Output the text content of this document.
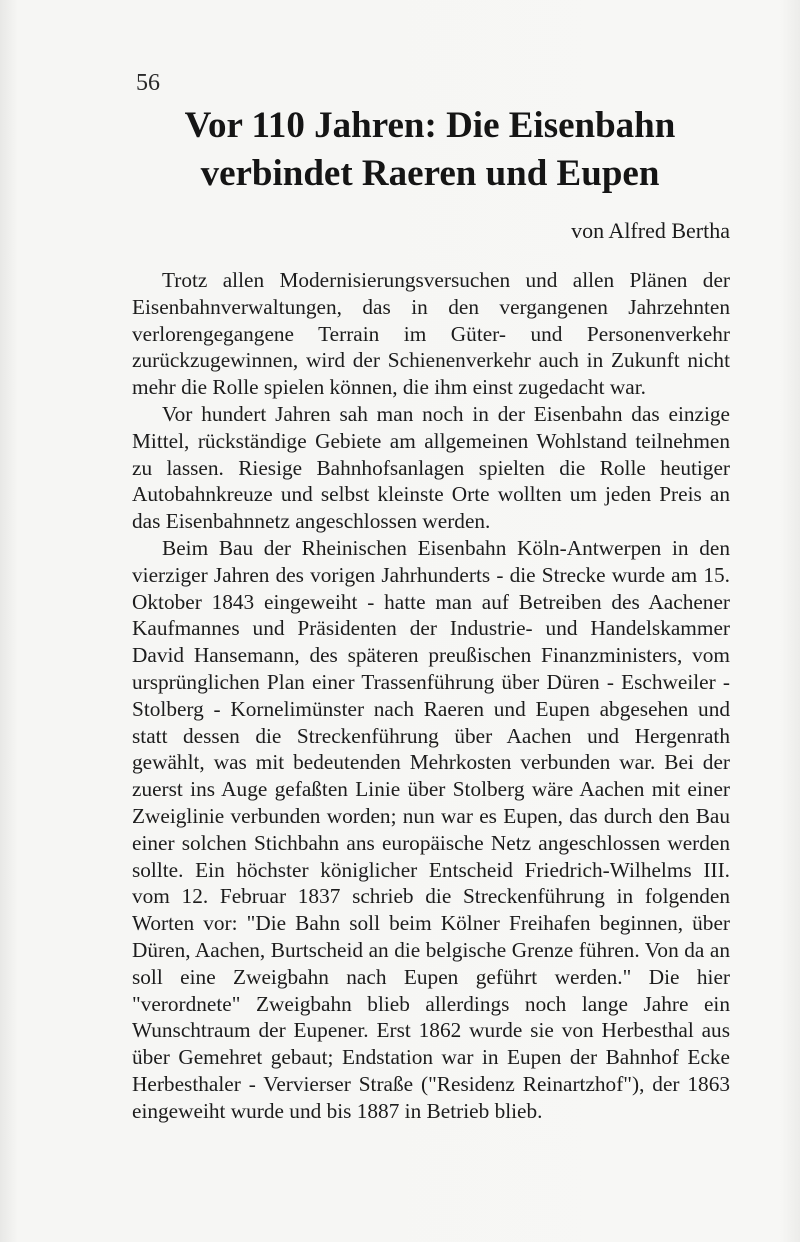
56
Vor 110 Jahren: Die Eisenbahn verbindet Raeren und Eupen
von Alfred Bertha

Trotz allen Modernisierungsversuchen und allen Plänen der Eisenbahnverwaltungen, das in den vergangenen Jahrzehnten verlorengegangene Terrain im Güter- und Personenverkehr zurückzugewinnen, wird der Schienenverkehr auch in Zukunft nicht mehr die Rolle spielen können, die ihm einst zugedacht war.

Vor hundert Jahren sah man noch in der Eisenbahn das einzige Mittel, rückständige Gebiete am allgemeinen Wohlstand teilnehmen zu lassen. Riesige Bahnhofsanlagen spielten die Rolle heutiger Autobahnkreuze und selbst kleinste Orte wollten um jeden Preis an das Eisenbahnnetz angeschlossen werden.

Beim Bau der Rheinischen Eisenbahn Köln-Antwerpen in den vierziger Jahren des vorigen Jahrhunderts - die Strecke wurde am 15. Oktober 1843 eingeweiht - hatte man auf Betreiben des Aachener Kaufmannes und Präsidenten der Industrie- und Handelskammer David Hansemann, des späteren preußischen Finanzministers, vom ursprünglichen Plan einer Trassenführung über Düren - Eschweiler - Stolberg - Kornelimünster nach Raeren und Eupen abgesehen und statt dessen die Streckenführung über Aachen und Hergenrath gewählt, was mit bedeutenden Mehrkosten verbunden war. Bei der zuerst ins Auge gefaßten Linie über Stolberg wäre Aachen mit einer Zweiglinie verbunden worden; nun war es Eupen, das durch den Bau einer solchen Stichbahn ans europäische Netz angeschlossen werden sollte. Ein höchster königlicher Entscheid Friedrich-Wilhelms III. vom 12. Februar 1837 schrieb die Streckenführung in folgenden Worten vor: "Die Bahn soll beim Kölner Freihafen beginnen, über Düren, Aachen, Burtscheid an die belgische Grenze führen. Von da an soll eine Zweigbahn nach Eupen geführt werden." Die hier "verordnete" Zweigbahn blieb allerdings noch lange Jahre ein Wunschtraum der Eupener. Erst 1862 wurde sie von Herbesthal aus über Gemehret gebaut; Endstation war in Eupen der Bahnhof Ecke Herbesthaler - Vervierser Straße ("Residenz Reinartzhof"), der 1863 eingeweiht wurde und bis 1887 in Betrieb blieb.
